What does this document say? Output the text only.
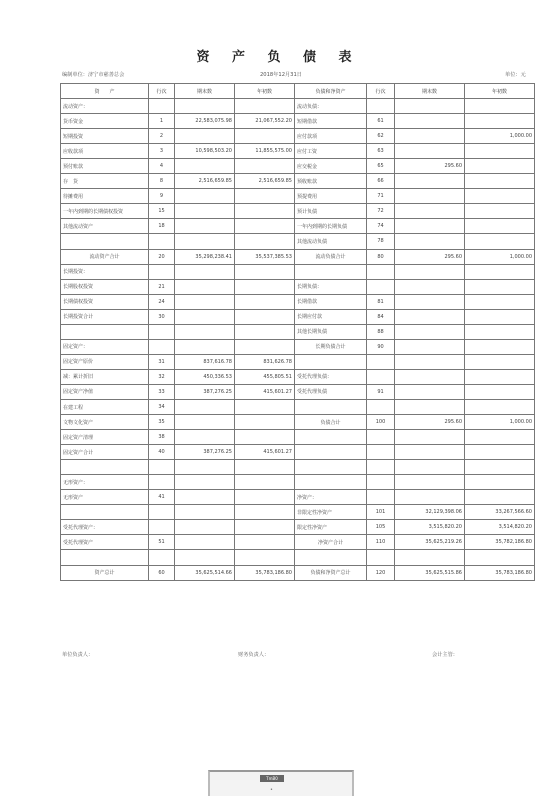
资 产 负 债 表
编制单位：济宁市慈善总会	2018年12月31日	单位：元
资　　产	行次	期末数	年初数	负债和净资产	行次	期末数	年初数
流动资产：				流动负债：			
货币资金	1	22,583,075.98	21,067,552.20	短期借款	61		
短期投资	2			应付款项	62		1,000.00
应收款项	3	10,598,503.20	11,855,575.00	应付工资	63		
预付账款	4			应交税金	65	295.60	
存　货	8	2,516,659.85	2,516,659.85	预收账款	66		
待摊费用	9			预提费用	71		
一年内到期的长期债权投资	15			预计负债	72		
其他流动资产	18			一年内到期的长期负债	74		
				其他流动负债	78		
流动资产合计	20	35,298,238.41	35,537,385.53	流动负债合计	80	295.60	1,000.00
长期投资：							
长期股权投资	21			长期负债：			
长期债权投资	24			长期借款	81		
长期投资合计	30			长期应付款	84		
				其他长期负债	88		
固定资产：				长期负债合计	90		
固定资产原价	31	837,616.78	831,626.78				
减：累计折旧	32	450,336.53	455,805.51	受托代理负债：			
固定资产净值	33	387,276.25	415,601.27	受托代理负债	91		
在建工程	34						
文物文化资产	35			负债合计	100	295.60	1,000.00
固定资产清理	38						
固定资产合计	40	387,276.25	415,601.27				

无形资产：							
无形资产	41			净资产：			
				非限定性净资产	101	32,129,398.06	33,267,566.60
受托代理资产：				限定性净资产	105	3,515,820.20	3,514,820.20
受托代理资产	51			净资产合计	110	35,625,219.26	35,782,186.80

资产总计	60	35,625,514.66	35,783,186.80	负债和净资产总计	120	35,625,515.86	35,783,186.80
单位负责人：	财务负责人：	会计主管：
TmB0
•
